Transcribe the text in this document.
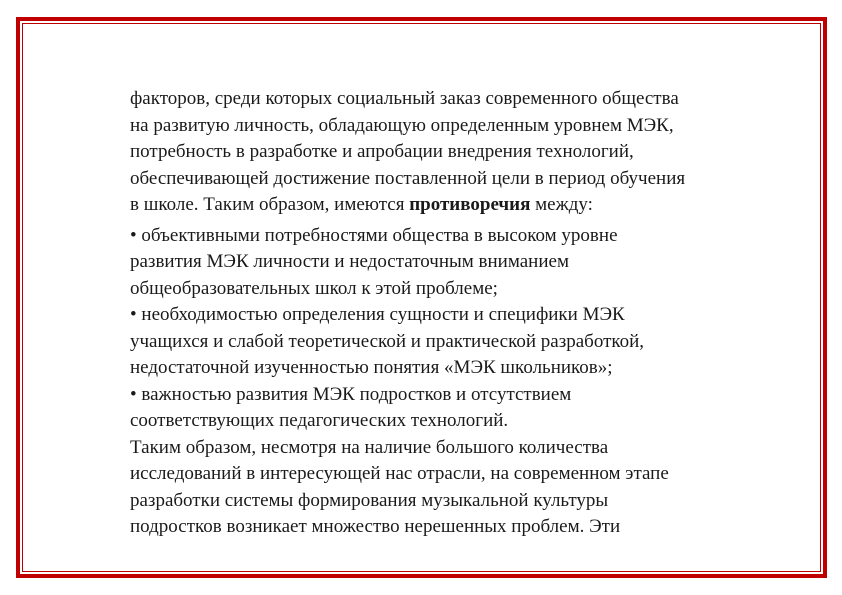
факторов, среди которых социальный заказ современного общества

на развитую личность, обладающую определенным уровнем МЭК,

потребность в разработке и апробации внедрения технологий,

обеспечивающей достижение поставленной цели в период обучения

в школе. Таким образом, имеются противоречия между:

• объективными потребностями общества в высоком уровне

развития МЭК личности и недостаточным вниманием

общеобразовательных школ к этой проблеме;

• необходимостью определения сущности и специфики МЭК

учащихся и слабой теоретической и практической разработкой,

недостаточной изученностью понятия «МЭК школьников»;

• важностью развития МЭК подростков и отсутствием

соответствующих педагогических технологий.

Таким образом, несмотря на наличие большого количества

исследований в интересующей нас отрасли, на современном этапе

разработки системы формирования музыкальной культуры

подростков возникает множество нерешенных проблем. Эти
